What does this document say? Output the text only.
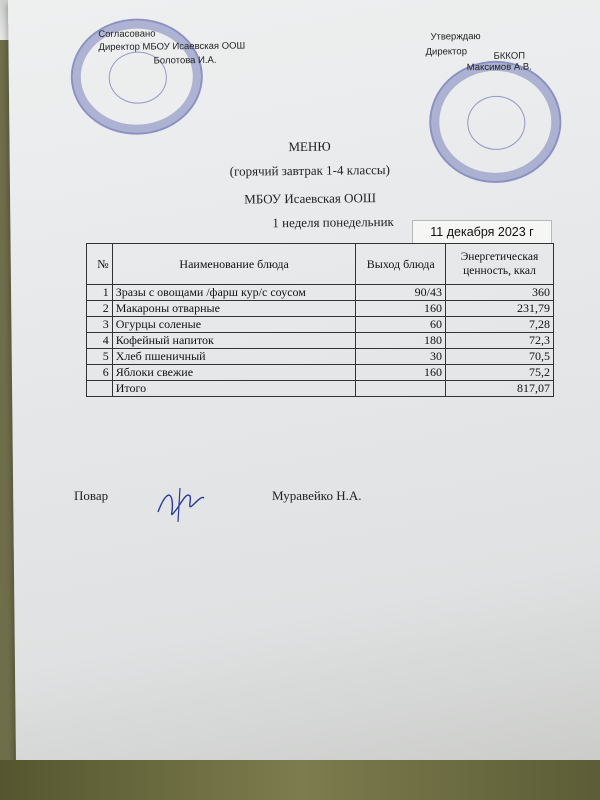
Согласовано
Директор МБОУ Исаевская ООШ
Болотова И.А.
Утверждаю
Директор	БККОП
Максимов А.В.
МЕНЮ
(горячий завтрак 1-4 классы)
МБОУ Исаевская ООШ
1 неделя понедельник
11 декабря 2023 г
№	Наименование блюда	Выход блюда	Энергетическая ценность, ккал
1	Зразы с овощами /фарш кур/с соусом	90/43	360
2	Макароны отварные	160	231,79
3	Огурцы соленые	60	7,28
4	Кофейный напиток	180	72,3
5	Хлеб пшеничный	30	70,5
6	Яблоки свежие	160	75,2
	Итого		817,07
Повар	Муравейко Н.А.
